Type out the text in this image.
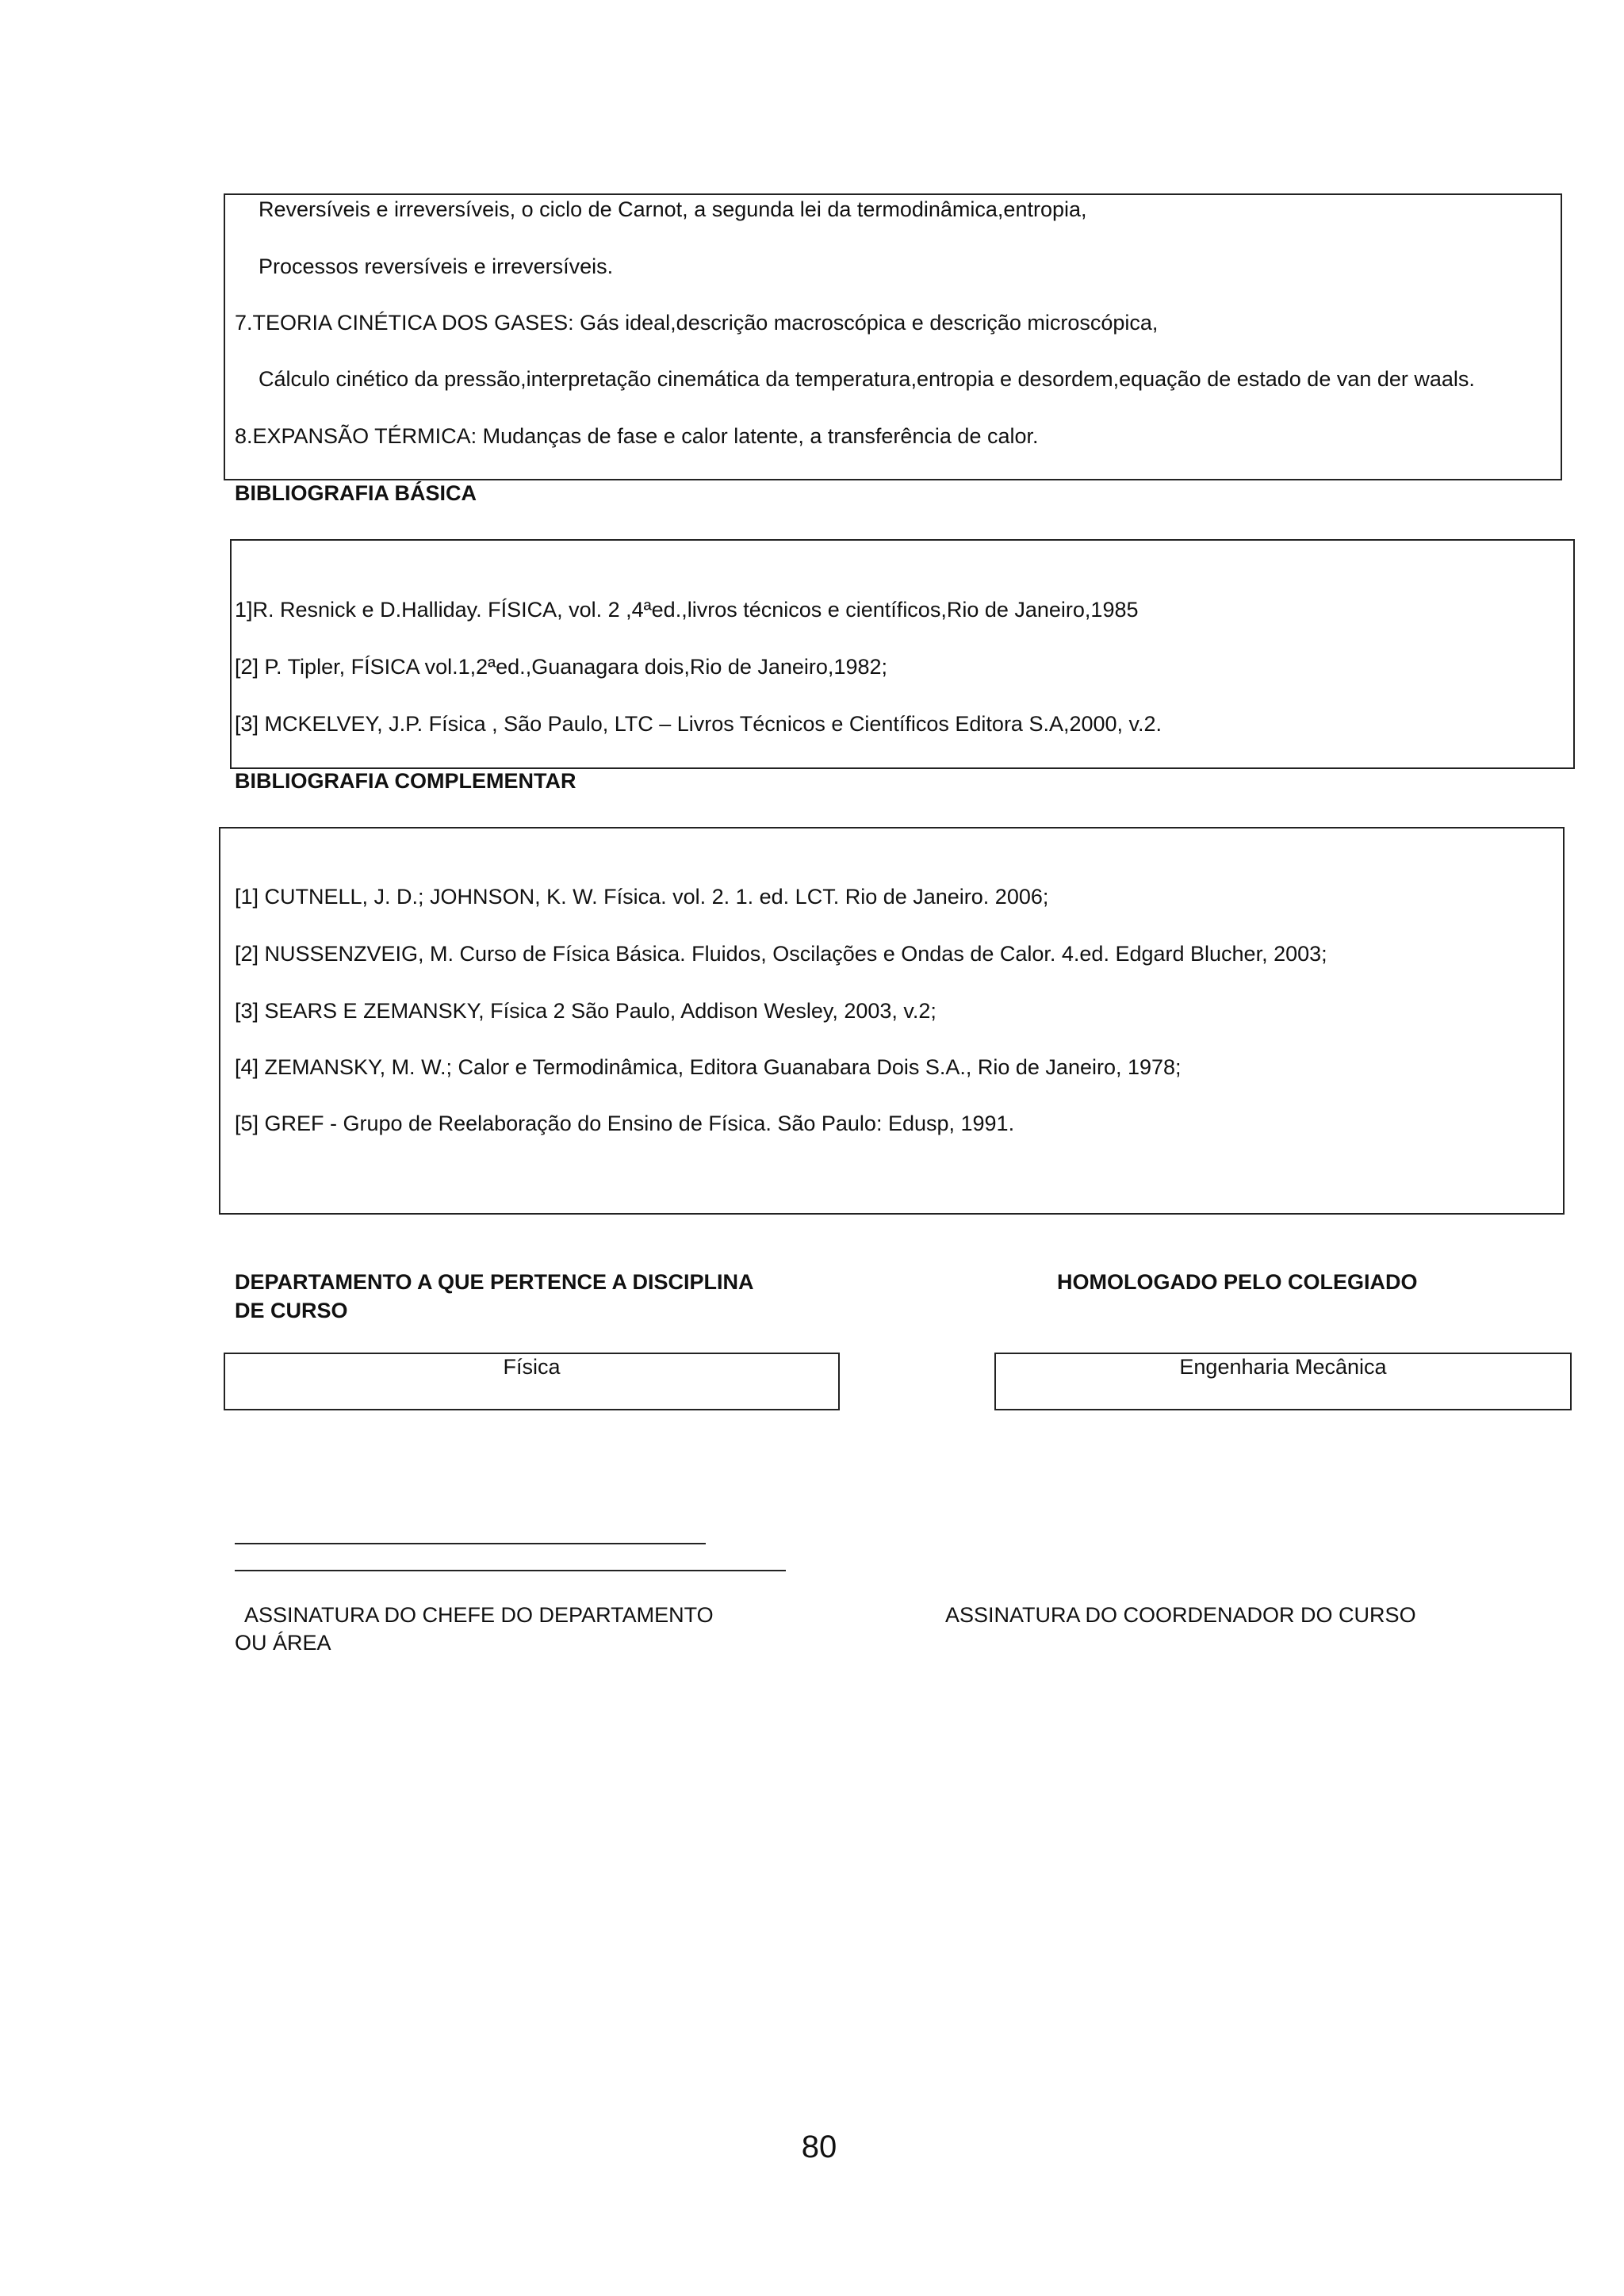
Reversíveis e irreversíveis, o ciclo de Carnot, a segunda lei da termodinâmica,entropia,
Processos reversíveis e irreversíveis.
7.TEORIA CINÉTICA DOS GASES: Gás ideal,descrição macroscópica e descrição microscópica,
Cálculo cinético da pressão,interpretação cinemática da temperatura,entropia e desordem,equação de estado de van der waals.
8.EXPANSÃO TÉRMICA: Mudanças de fase e calor latente, a transferência de calor.
BIBLIOGRAFIA BÁSICA
1]R. Resnick e D.Halliday. FÍSICA, vol. 2 ,4ªed.,livros técnicos e científicos,Rio de Janeiro,1985
[2] P. Tipler, FÍSICA vol.1,2ªed.,Guanagara dois,Rio de Janeiro,1982;
[3] MCKELVEY, J.P. Física , São Paulo, LTC – Livros Técnicos e Científicos Editora S.A,2000, v.2.
BIBLIOGRAFIA COMPLEMENTAR
[1] CUTNELL, J. D.; JOHNSON, K. W. Física. vol. 2. 1. ed. LCT. Rio de Janeiro. 2006;
[2] NUSSENZVEIG, M. Curso de Física Básica. Fluidos, Oscilações e Ondas de Calor. 4.ed. Edgard Blucher, 2003;
[3] SEARS E ZEMANSKY, Física 2 São Paulo, Addison Wesley, 2003, v.2;
[4] ZEMANSKY, M. W.; Calor e Termodinâmica, Editora Guanabara Dois S.A., Rio de Janeiro, 1978;
[5] GREF - Grupo de Reelaboração do Ensino de Física. São Paulo: Edusp, 1991.
DEPARTAMENTO A QUE PERTENCE A DISCIPLINA
DE CURSO
HOMOLOGADO PELO COLEGIADO
Física	Engenharia Mecânica
ASSINATURA DO CHEFE DO DEPARTAMENTO
OU ÁREA
ASSINATURA DO COORDENADOR DO CURSO
80
